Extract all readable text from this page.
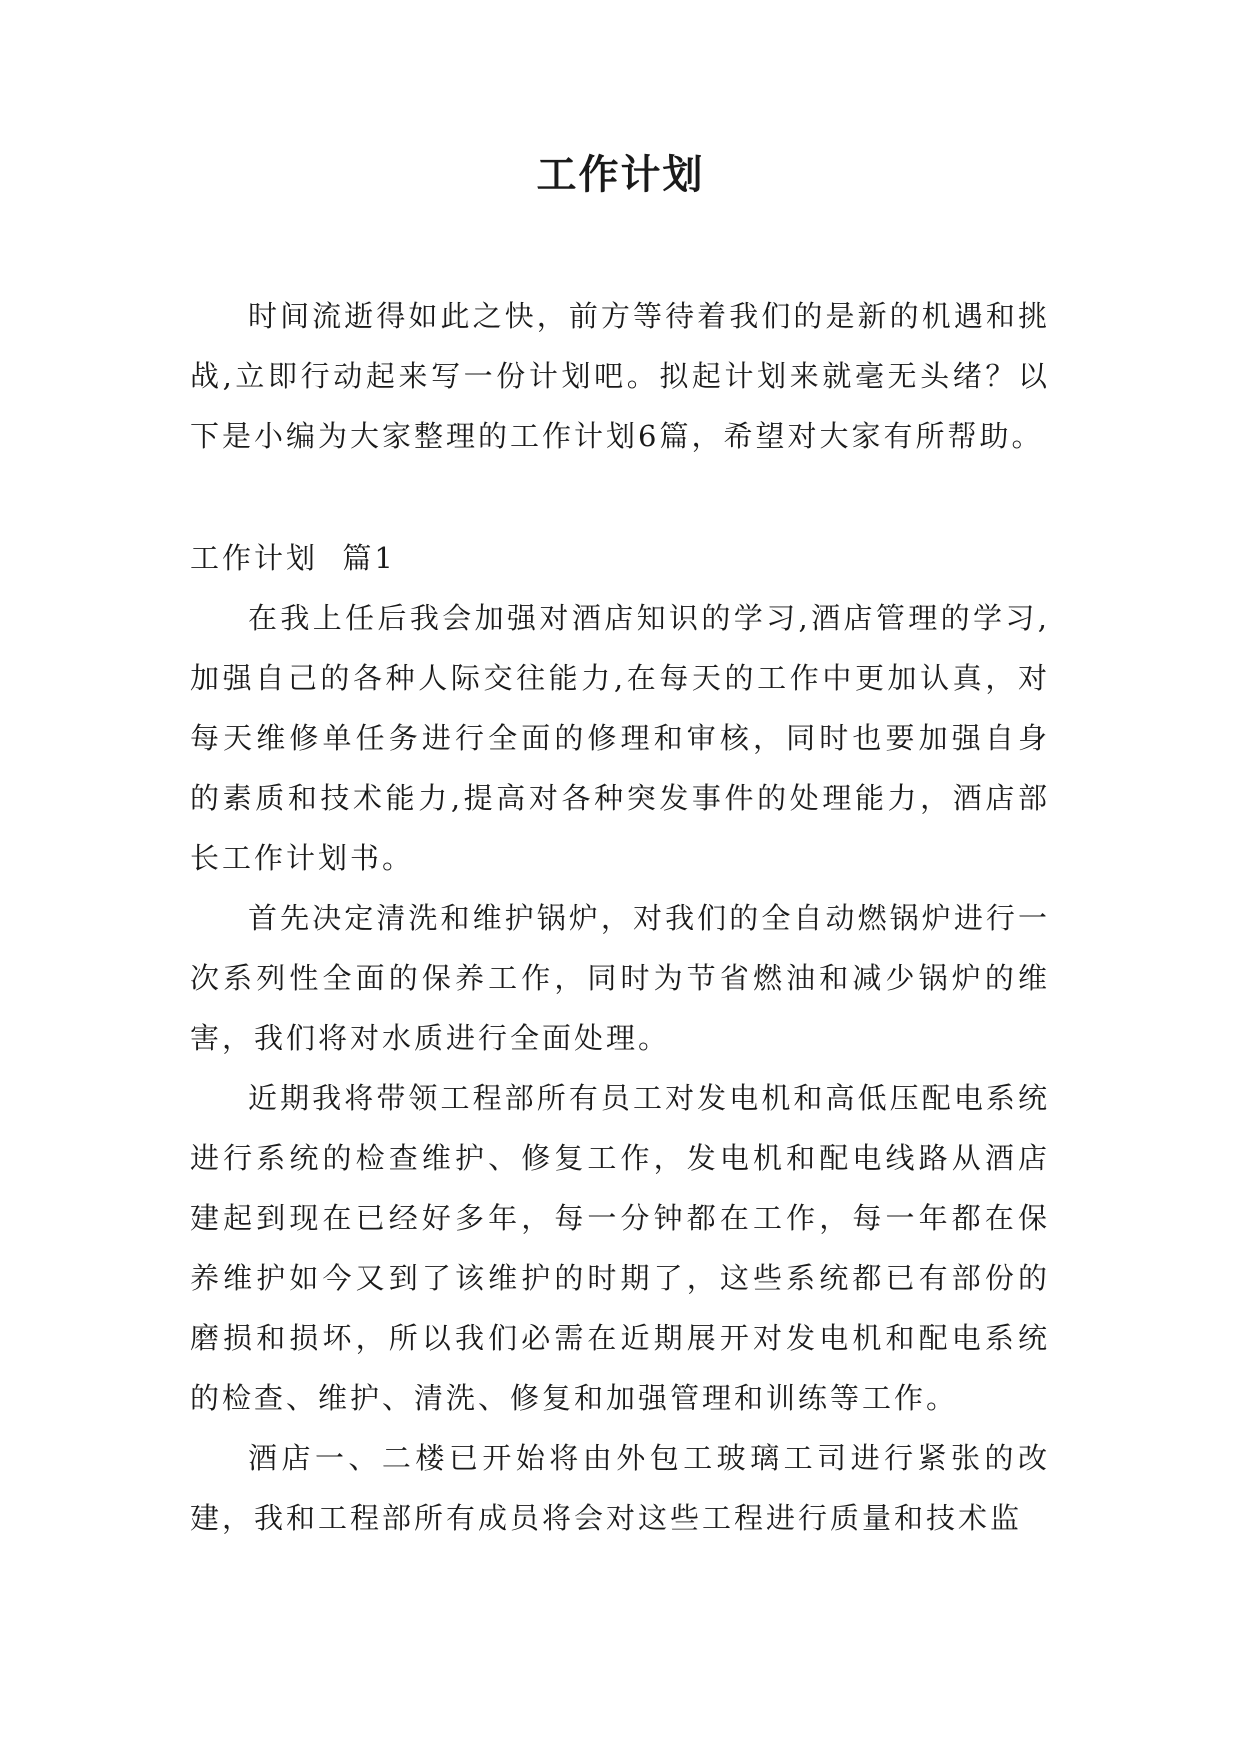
工作计划

时间流逝得如此之快，前方等待着我们的是新的机遇和挑战,立即行动起来写一份计划吧。拟起计划来就毫无头绪？以下是小编为大家整理的工作计划6篇，希望对大家有所帮助。

工作计划  篇1

在我上任后我会加强对酒店知识的学习,酒店管理的学习,加强自己的各种人际交往能力,在每天的工作中更加认真，对每天维修单任务进行全面的修理和审核，同时也要加强自身的素质和技术能力,提高对各种突发事件的处理能力，酒店部长工作计划书。

首先决定清洗和维护锅炉，对我们的全自动燃锅炉进行一次系列性全面的保养工作，同时为节省燃油和减少锅炉的维害，我们将对水质进行全面处理。

近期我将带领工程部所有员工对发电机和高低压配电系统进行系统的检查维护、修复工作，发电机和配电线路从酒店建起到现在已经好多年，每一分钟都在工作，每一年都在保养维护如今又到了该维护的时期了，这些系统都已有部份的磨损和损坏，所以我们必需在近期展开对发电机和配电系统的检查、维护、清洗、修复和加强管理和训练等工作。

酒店一、二楼已开始将由外包工玻璃工司进行紧张的改建，我和工程部所有成员将会对这些工程进行质量和技术监
